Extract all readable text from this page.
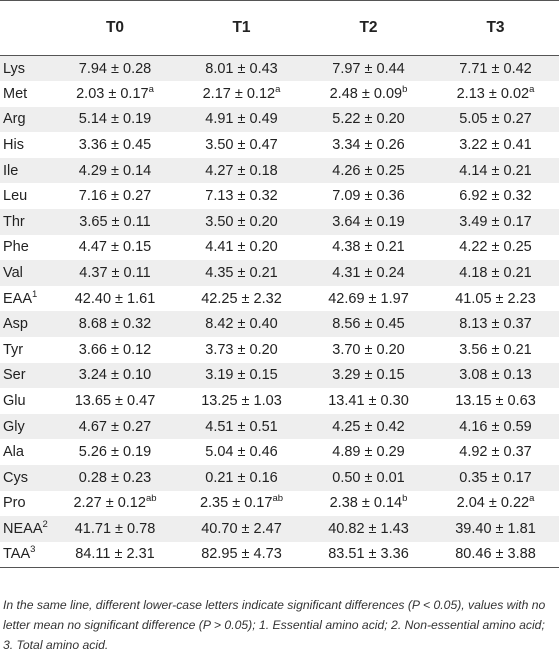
	T0	T1	T2	T3
Lys	7.94 ± 0.28	8.01 ± 0.43	7.97 ± 0.44	7.71 ± 0.42
Met	2.03 ± 0.17$^a$	2.17 ± 0.12$^a$	2.48 ± 0.09$^b$	2.13 ± 0.02$^a$
Arg	5.14 ± 0.19	4.91 ± 0.49	5.22 ± 0.20	5.05 ± 0.27
His	3.36 ± 0.45	3.50 ± 0.47	3.34 ± 0.26	3.22 ± 0.41
Ile	4.29 ± 0.14	4.27 ± 0.18	4.26 ± 0.25	4.14 ± 0.21
Leu	7.16 ± 0.27	7.13 ± 0.32	7.09 ± 0.36	6.92 ± 0.32
Thr	3.65 ± 0.11	3.50 ± 0.20	3.64 ± 0.19	3.49 ± 0.17
Phe	4.47 ± 0.15	4.41 ± 0.20	4.38 ± 0.21	4.22 ± 0.25
Val	4.37 ± 0.11	4.35 ± 0.21	4.31 ± 0.24	4.18 ± 0.21
EAA$^1$	42.40 ± 1.61	42.25 ± 2.32	42.69 ± 1.97	41.05 ± 2.23
Asp	8.68 ± 0.32	8.42 ± 0.40	8.56 ± 0.45	8.13 ± 0.37
Tyr	3.66 ± 0.12	3.73 ± 0.20	3.70 ± 0.20	3.56 ± 0.21
Ser	3.24 ± 0.10	3.19 ± 0.15	3.29 ± 0.15	3.08 ± 0.13
Glu	13.65 ± 0.47	13.25 ± 1.03	13.41 ± 0.30	13.15 ± 0.63
Gly	4.67 ± 0.27	4.51 ± 0.51	4.25 ± 0.42	4.16 ± 0.59
Ala	5.26 ± 0.19	5.04 ± 0.46	4.89 ± 0.29	4.92 ± 0.37
Cys	0.28 ± 0.23	0.21 ± 0.16	0.50 ± 0.01	0.35 ± 0.17
Pro	2.27 ± 0.12$^{ab}$	2.35 ± 0.17$^{ab}$	2.38 ± 0.14$^b$	2.04 ± 0.22$^a$
NEAA$^2$	41.71 ± 0.78	40.70 ± 2.47	40.82 ± 1.43	39.40 ± 1.81
TAA$^3$	84.11 ± 2.31	82.95 ± 4.73	83.51 ± 3.36	80.46 ± 3.88

In the same line, different lower-case letters indicate significant differences (P < 0.05), values with no letter mean no significant difference (P > 0.05); 1. Essential amino acid; 2. Non-essential amino acid; 3. Total amino acid.
